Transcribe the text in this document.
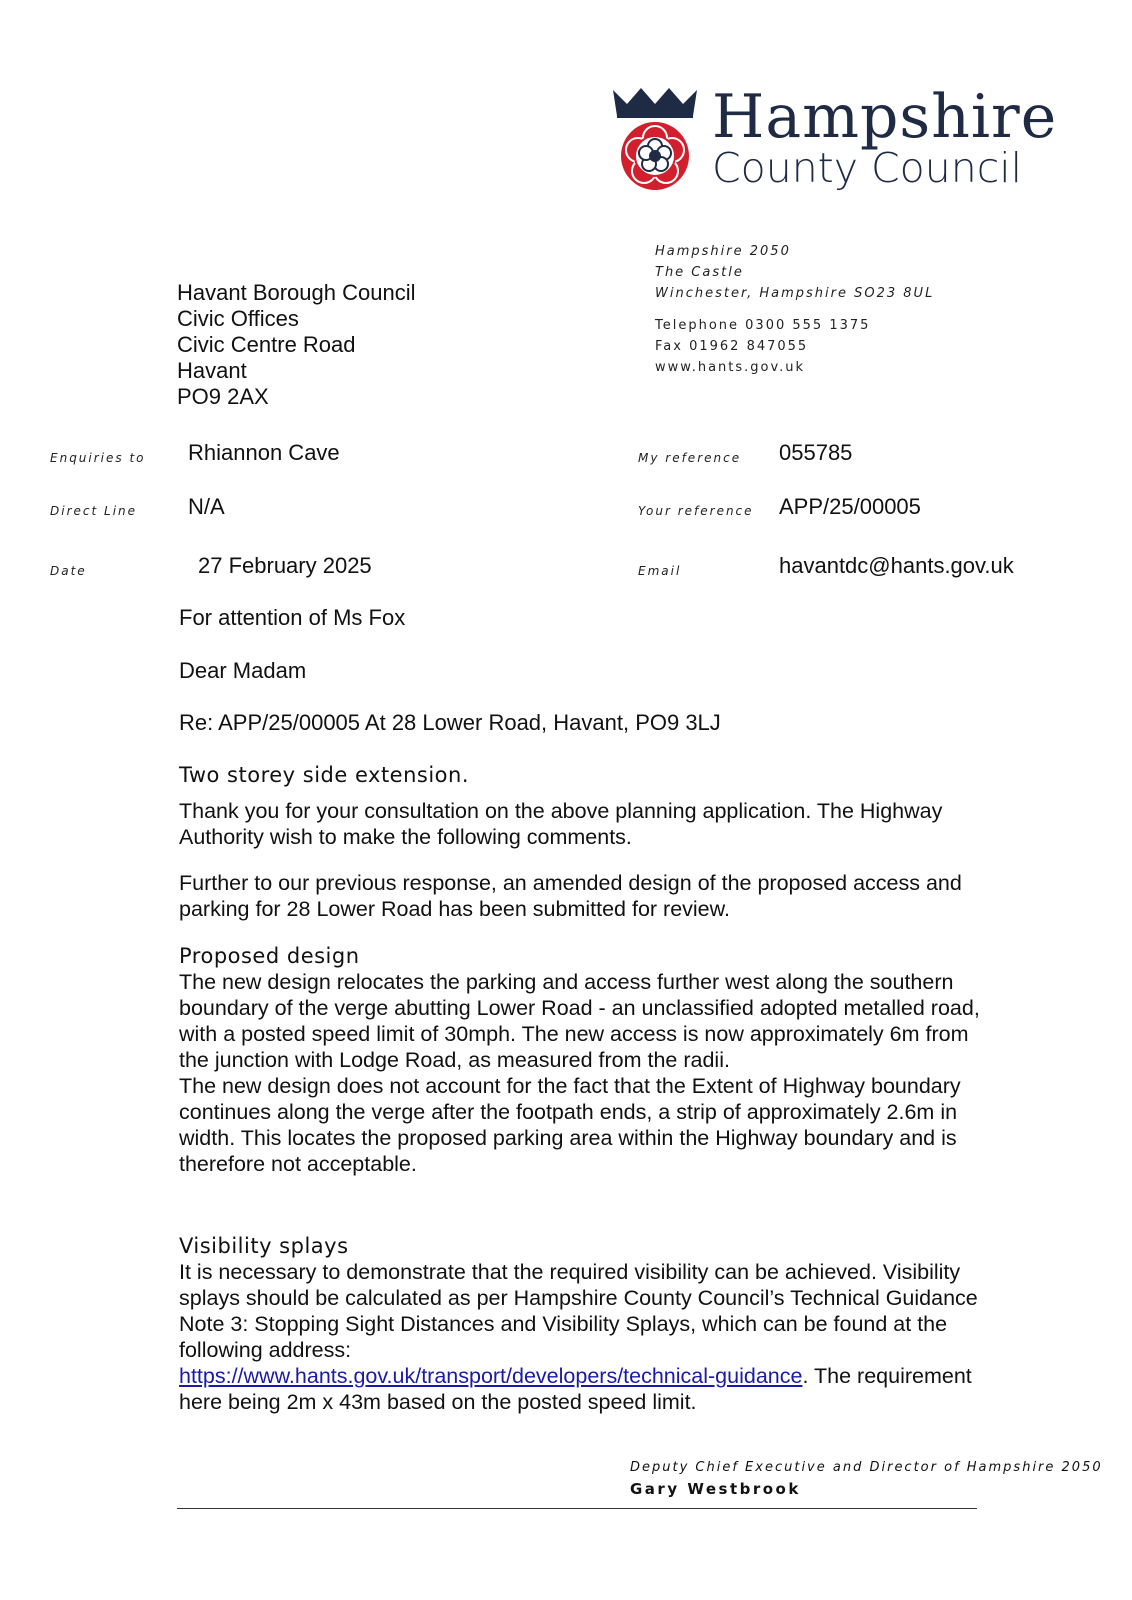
Hampshire
County Council
Hampshire 2050
The Castle
Winchester, Hampshire SO23 8UL
Telephone 0300 555 1375
Fax 01962 847055
www.hants.gov.uk
Havant Borough Council
Civic Offices
Civic Centre Road
Havant
PO9 2AX
Enquiries to Rhiannon Cave
Direct Line N/A
Date	27 February 2025
My reference 055785
Your reference APP/25/00005
Email	havantdc@hants.gov.uk
For attention of Ms Fox
Dear Madam
Re: APP/25/00005 At 28 Lower Road, Havant, PO9 3LJ
Two storey side extension.

Thank you for your consultation on the above planning application. The Highway Authority wish to make the following comments.

Further to our previous response, an amended design of the proposed access and parking for 28 Lower Road has been submitted for review.

Proposed design

The new design relocates the parking and access further west along the southern boundary of the verge abutting Lower Road - an unclassified adopted metalled road, with a posted speed limit of 30mph. The new access is now approximately 6m from the junction with Lodge Road, as measured from the radii.

The new design does not account for the fact that the Extent of Highway boundary continues along the verge after the footpath ends, a strip of approximately 2.6m in width. This locates the proposed parking area within the Highway boundary and is therefore not acceptable.

Visibility splays

It is necessary to demonstrate that the required visibility can be achieved. Visibility splays should be calculated as per Hampshire County Council’s Technical Guidance Note 3: Stopping Sight Distances and Visibility Splays, which can be found at the following address:
https://www.hants.gov.uk/transport/developers/technical-guidance. The requirement here being 2m x 43m based on the posted speed limit.

Deputy Chief Executive and Director of Hampshire 2050
Gary Westbrook
